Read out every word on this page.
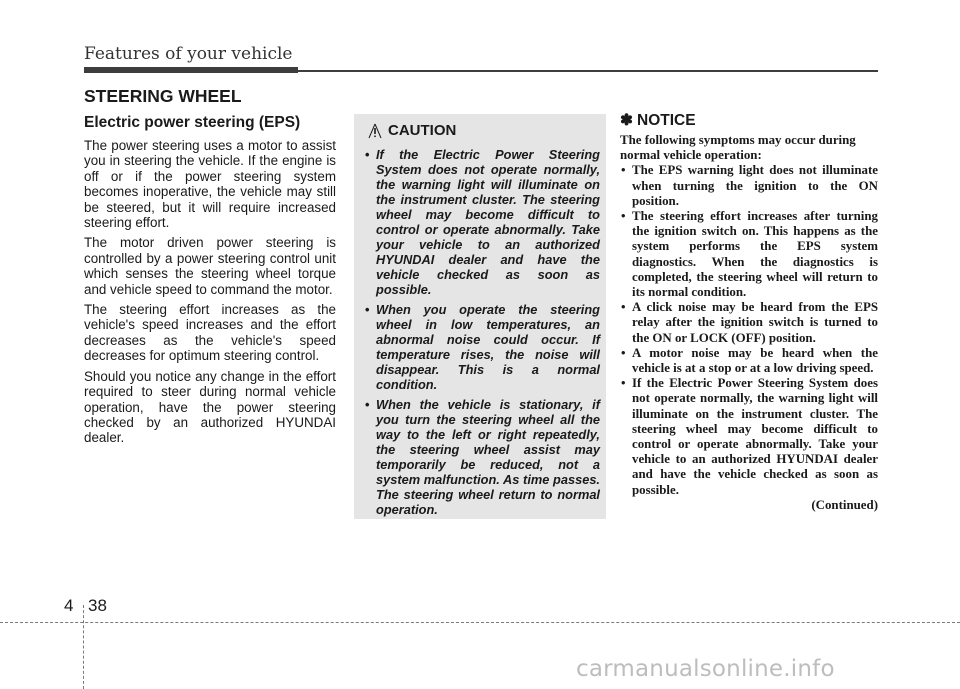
Features of your vehicle
STEERING WHEEL
Electric power steering (EPS)

The power steering uses a motor to assist you in steering the vehicle. If the engine is off or if the power steering system becomes inoperative, the vehicle may still be steered, but it will require increased steering effort.

The motor driven power steering is controlled by a power steering control unit which senses the steering wheel torque and vehicle speed to command the motor.

The steering effort increases as the vehicle's speed increases and the effort decreases as the vehicle's speed decreases for optimum steering control.

Should you notice any change in the effort required to steer during normal vehicle operation, have the power steering checked by an authorized HYUNDAI dealer.

CAUTION
• If the Electric Power Steering System does not operate normally, the warning light will illuminate on the instrument cluster. The steering wheel may become difficult to control or operate abnormally. Take your vehicle to an authorized HYUNDAI dealer and have the vehicle checked as soon as possible.
• When you operate the steering wheel in low temperatures, an abnormal noise could occur. If temperature rises, the noise will disappear. This is a normal condition.
• When the vehicle is stationary, if you turn the steering wheel all the way to the left or right repeatedly, the steering wheel assist may temporarily be reduced, not a system malfunction. As time passes. The steering wheel return to normal operation.
✽ NOTICE

The following symptoms may occur during normal vehicle operation:

• The EPS warning light does not illuminate when turning the ignition to the ON position.
• The steering effort increases after turning the ignition switch on. This happens as the system performs the EPS system diagnostics. When the diagnostics is completed, the steering wheel will return to its normal condition.
• A click noise may be heard from the EPS relay after the ignition switch is turned to the ON or LOCK (OFF) position.
• A motor noise may be heard when the vehicle is at a stop or at a low driving speed.
• If the Electric Power Steering System does not operate normally, the warning light will illuminate on the instrument cluster. The steering wheel may become difficult to control or operate abnormally. Take your vehicle to an authorized HYUNDAI dealer and have the vehicle checked as soon as possible.

(Continued)

4 38
carmanualsonline.info
